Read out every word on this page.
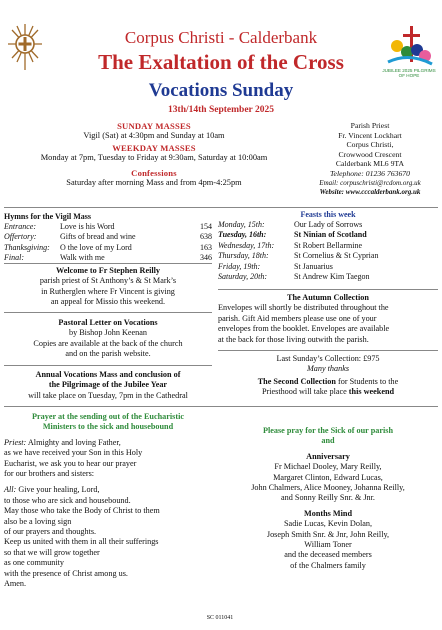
JUBILEE 2025 PILGRIMS OF HOPE
Corpus Christi - Calderbank
The Exaltation of the Cross
Vocations Sunday
13th/14th September 2025
SUNDAY MASSES
Vigil (Sat) at 4:30pm and Sunday at 10am
WEEKDAY MASSES
Monday at 7pm, Tuesday to Friday at 9:30am, Saturday at 10:00am
Confessions
Saturday after morning Mass and from 4pm-4:25pm
Parish Priest
Fr. Vincent Lockhart
Corpus Christi,
Crowwood Crescent
Calderbank ML6 9TA
Telephone: 01236 763670
Email: corpuschristi@rcdom.org.uk
Website: www.cccalderbank.org.uk
Hymns for the Vigil Mass
Entrance:	Love is his Word	154
Offertory:	Gifts of bread and wine	638
Thanksgiving:	O the love of my Lord	163
Final:	Walk with me	346
Feasts this week
Monday, 15th:	Our Lady of Sorrows
Tuesday, 16th:	St Ninian of Scotland
Wednesday, 17th:	St Robert Bellarmine
Thursday, 18th:	St Cornelius & St Cyprian
Friday, 19th:	St Januarius
Saturday, 20th:	St Andrew Kim Taegon
Welcome to Fr Stephen Reilly
parish priest of St Anthony’s & St Mark’s
in Rutherglen where Fr Vincent is giving
an appeal for Missio this weekend.
Pastoral Letter on Vocations
by Bishop John Keenan
Copies are available at the back of the church
and on the parish website.
Annual Vocations Mass and conclusion of
the Pilgrimage of the Jubilee Year
will take place on Tuesday, 7pm in the Cathedral
The Autumn Collection
Envelopes will shortly be distributed throughout the
parish. Gift Aid members please use one of your
envelopes from the booklet. Envelopes are available
at the back for those living outwith the parish.
Last Sunday’s Collection: £975
Many thanks
The Second Collection for Students to the
Priesthood will take place this weekend
Prayer at the sending out of the Eucharistic
Ministers to the sick and housebound
Priest: Almighty and loving Father,
as we have received your Son in this Holy
Eucharist, we ask you to hear our prayer
for our brothers and sisters:
All: Give your healing, Lord,
to those who are sick and housebound.
May those who take the Body of Christ to them
also be a loving sign
of our prayers and thoughts.
Keep us united with them in all their sufferings
so that we will grow together
as one community
with the presence of Christ among us.
Amen.
Please pray for the Sick of our parish
and
Anniversary
Fr Michael Dooley, Mary Reilly,
Margaret Clinton, Edward Lucas,
John Chalmers, Alice Mooney, Johanna Reilly,
and Sonny Reilly Snr. & Jnr.
Months Mind
Sadie Lucas, Kevin Dolan,
Joseph Smith Snr. & Jnr, John Reilly,
William Toner
and the deceased members
of the Chalmers family
SC 011041
